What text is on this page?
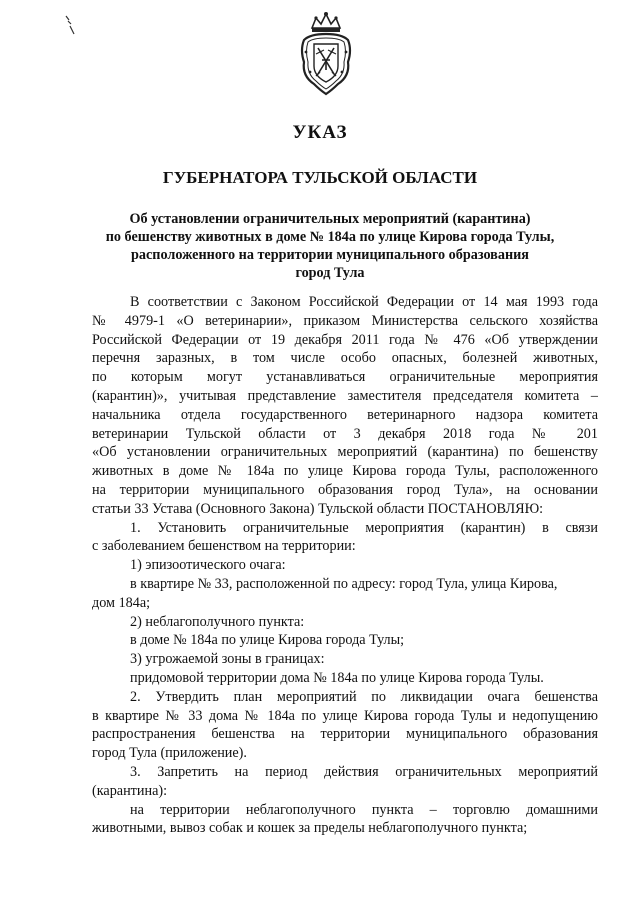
УКАЗ
ГУБЕРНАТОРА ТУЛЬСКОЙ ОБЛАСТИ
Об установлении ограничительных мероприятий (карантина)
по бешенству животных в доме № 184а по улице Кирова города Тулы,
расположенного на территории муниципального образования
город Тула
В соответствии с Законом Российской Федерации от 14 мая 1993 года
№ 4979-1 «О ветеринарии», приказом Министерства сельского хозяйства
Российской Федерации от 19 декабря 2011 года № 476 «Об утверждении
перечня заразных, в том числе особо опасных, болезней животных,
по которым могут устанавливаться ограничительные мероприятия
(карантин)», учитывая представление заместителя председателя комитета –
начальника отдела государственного ветеринарного надзора комитета
ветеринарии Тульской области от 3 декабря 2018 года № 201
«Об установлении ограничительных мероприятий (карантина) по бешенству
животных в доме № 184а по улице Кирова города Тулы, расположенного
на территории муниципального образования город Тула», на основании
статьи 33 Устава (Основного Закона) Тульской области ПОСТАНОВЛЯЮ:
1. Установить ограничительные мероприятия (карантин) в связи
с заболеванием бешенством на территории:
1) эпизоотического очага:
в квартире № 33, расположенной по адресу: город Тула, улица Кирова,
дом 184а;
2) неблагополучного пункта:
в доме № 184а по улице Кирова города Тулы;
3) угрожаемой зоны в границах:
придомовой территории дома № 184а по улице Кирова города Тулы.
2. Утвердить план мероприятий по ликвидации очага бешенства
в квартире № 33 дома № 184а по улице Кирова города Тулы и недопущению
распространения бешенства на территории муниципального образования
город Тула (приложение).
3. Запретить на период действия ограничительных мероприятий
(карантина):
на территории неблагополучного пункта – торговлю домашними
животными, вывоз собак и кошек за пределы неблагополучного пункта;
